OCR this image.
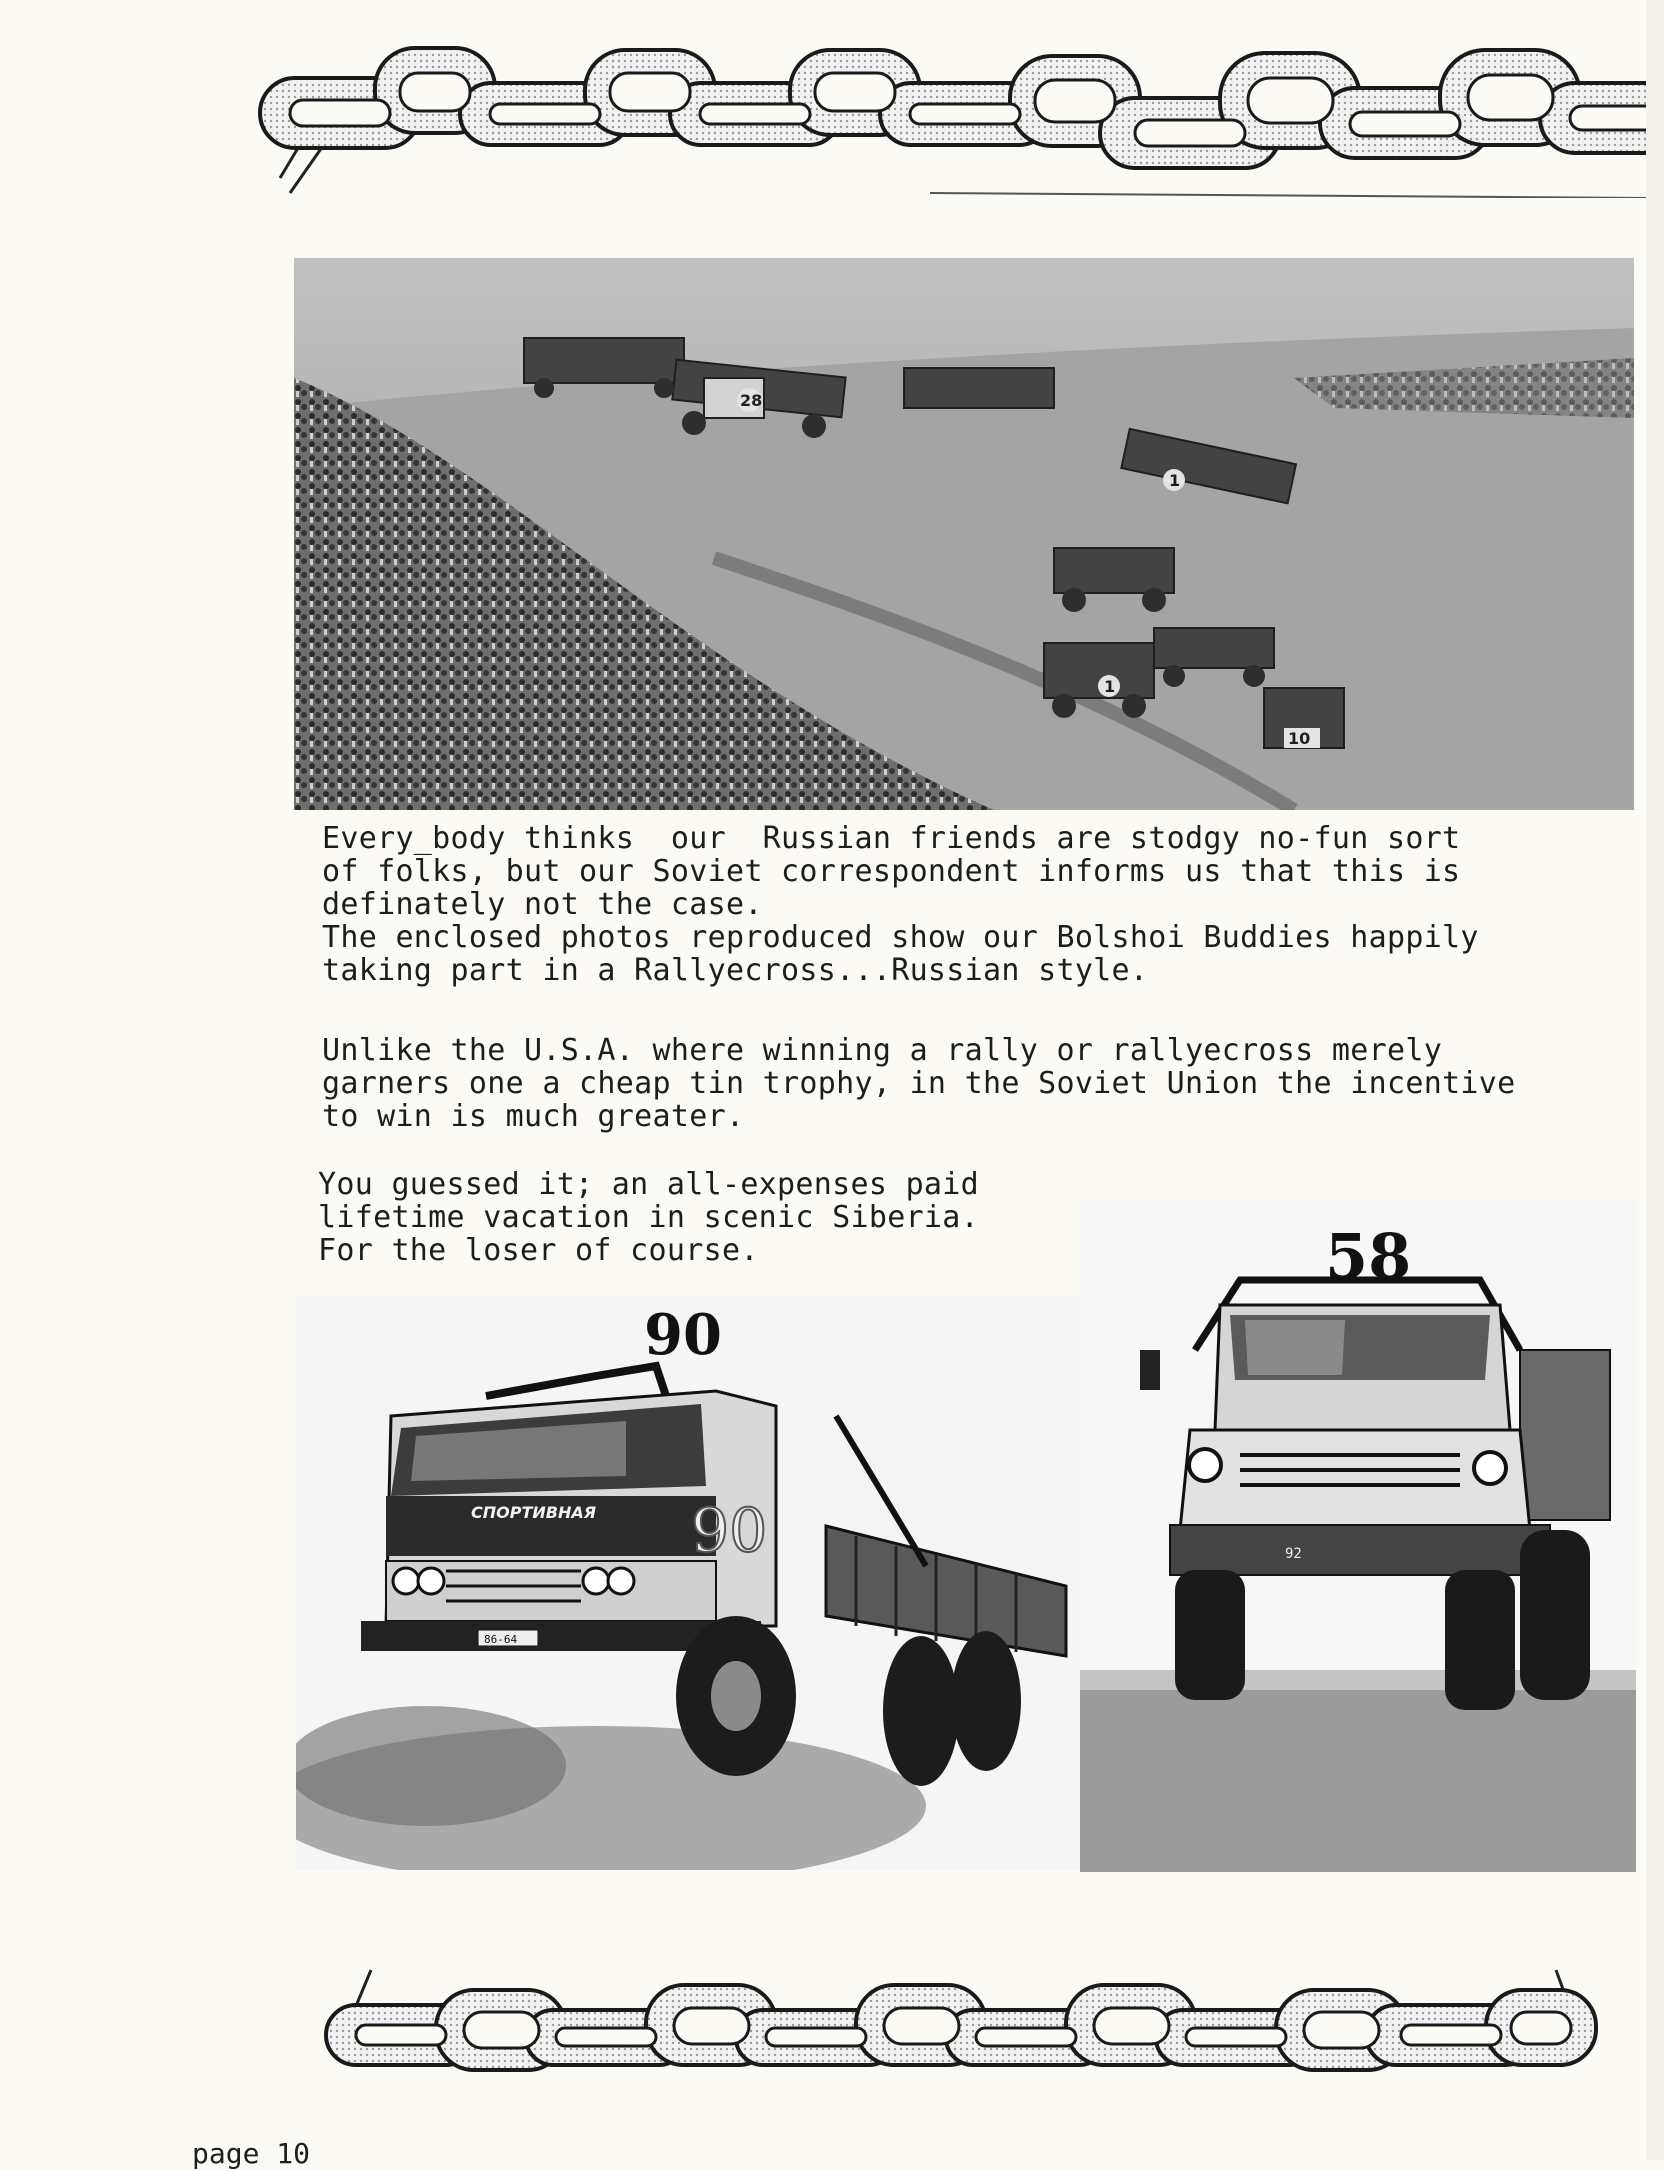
28
1
1
10
Every_body thinks  our  Russian friends are stodgy no-fun sort
of folks, but our Soviet correspondent informs us that this is
definately not the case.
The enclosed photos reproduced show our Bolshoi Buddies happily
taking part in a Rallyecross...Russian style.
Unlike the U.S.A. where winning a rally or rallyecross merely
garners one a cheap tin trophy, in the Soviet Union the incentive
to win is much greater.
You guessed it; an all-expenses paid
lifetime vacation in scenic Siberia.
For the loser of course.
СПОРТИВНАЯ
86-64
90
90
58
92
page 10
